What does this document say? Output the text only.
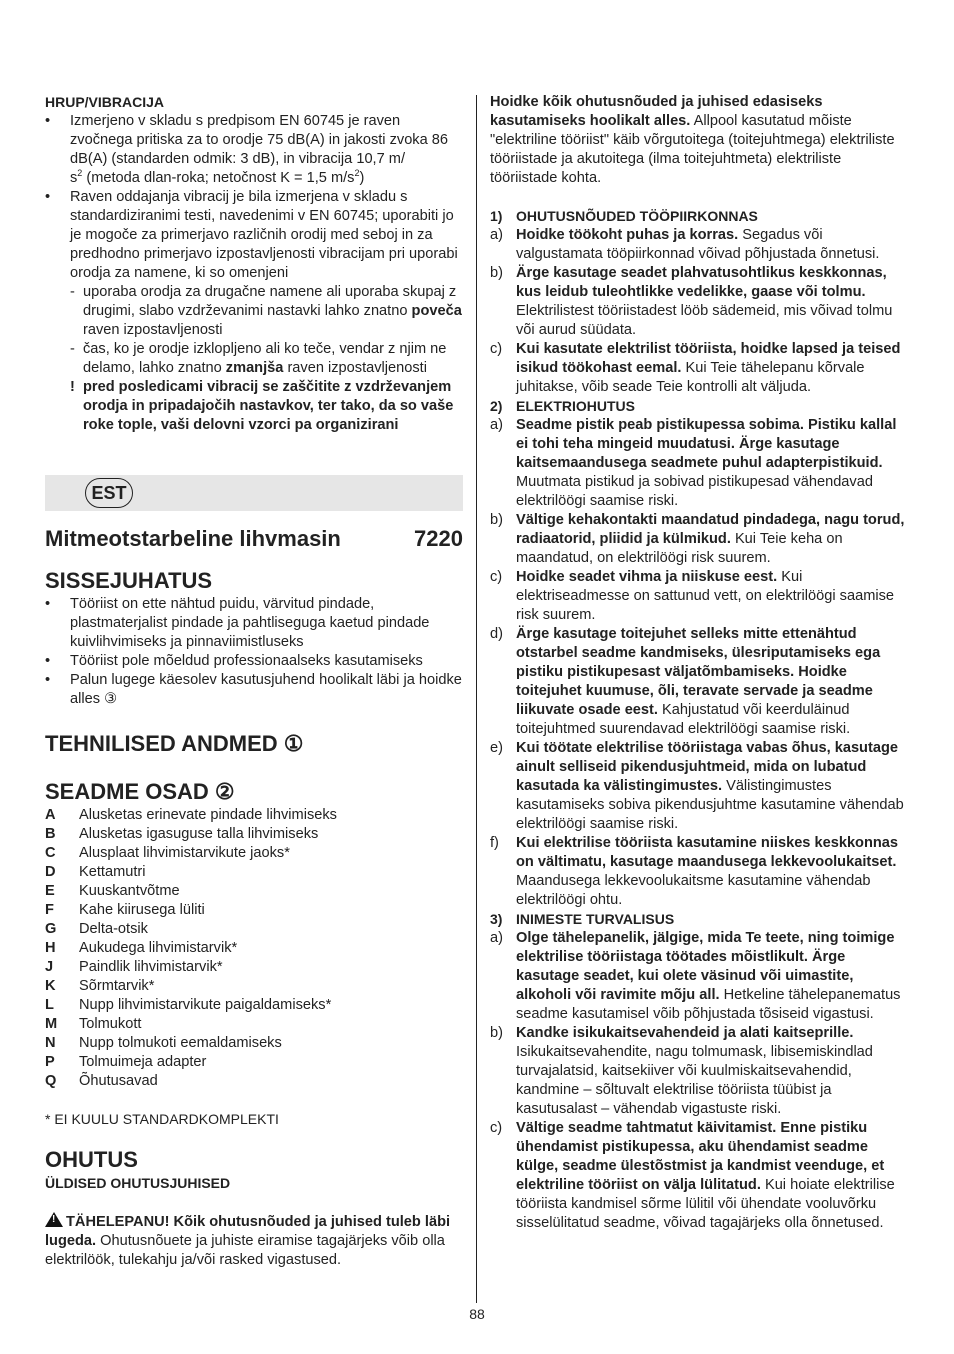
HRUP/VIBRACIJA

• Izmerjeno v skladu s predpisom EN 60745 je raven zvočnega pritiska za to orodje 75 dB(A) in jakosti zvoka 86 dB(A) (standarden odmik: 3 dB), in vibracija 10,7 m/
$s^2$ (metoda dlan-roka; netočnost K = 1,5 $m/s^2$)

• Raven oddajanja vibracij je bila izmerjena v skladu s standardiziranimi testi, navedenimi v EN 60745; uporabiti jo je mogoče za primerjavo različnih orodij med seboj in za predhodno primerjavo izpostavljenosti vibracijam pri uporabi orodja za namene, ki so omenjeni

- uporaba orodja za drugačne namene ali uporaba skupaj z drugimi, slabo vzdrževanimi nastavki lahko znatno poveča raven izpostavljenosti

- čas, ko je orodje izklopljeno ali ko teče, vendar z njim ne delamo, lahko znatno zmanjša raven izpostavljenosti

! pred posledicami vibracij se zaščitite z vzdrževanjem orodja in pripadajočih nastavkov, ter tako, da so vaše roke tople, vaši delovni vzorci pa organizirani

EST
Mitmeotstarbeline lihvmasin	7220

SISSEJUHATUS

• Tööriist on ette nähtud puidu, värvitud pindade, plastmaterjalist pindade ja pahtliseguga kaetud pindade kuivlihvimiseks ja pinnaviimistluseks

• Tööriist pole mõeldud professionaalseks kasutamiseks

• Palun lugege käesolev kasutusjuhend hoolikalt läbi ja hoidke alles ③

TEHNILISED ANDMED ①

SEADME OSAD ②

A	Alusketas erinevate pindade lihvimiseks
B	Alusketas igasuguse talla lihvimiseks
C	Alusplaat lihvimistarvikute jaoks*
D	Kettamutri
E	Kuuskantvõtme
F	Kahe kiirusega lüliti
G	Delta-otsik
H	Aukudega lihvimistarvik*
J	Paindlik lihvimistarvik*
K	Sõrmtarvik*
L	Nupp lihvimistarvikute paigaldamiseks*
M	Tolmukott
N	Nupp tolmukoti eemaldamiseks
P	Tolmuimeja adapter
Q	Õhutusavad

* EI KUULU STANDARDKOMPLEKTI

OHUTUS

ÜLDISED OHUTUSJUHISED

!TÄHELEPANU! Kõik ohutusnõuded ja juhised tuleb läbi lugeda. Ohutusnõuete ja juhiste eiramise tagajärjeks võib olla elektrilöök, tulekahju ja/või rasked vigastused.

Hoidke kõik ohutusnõuded ja juhised edasiseks kasutamiseks hoolikalt alles. Allpool kasutatud mõiste "elektriline tööriist" käib võrgutoitega (toitejuhtmega) elektriliste tööriistade ja akutoitega (ilma toitejuhtmeta) elektriliste tööriistade kohta.

1) OHUTUSNÕUDED TÖÖPIIRKONNAS

a) Hoidke töökoht puhas ja korras. Segadus või valgustamata tööpiirkonnad võivad põhjustada õnnetusi.

b) Ärge kasutage seadet plahvatusohtlikus keskkonnas, kus leidub tuleohtlikke vedelikke, gaase või tolmu. Elektrilistest tööriistadest lööb sädemeid, mis võivad tolmu või aurud süüdata.

c) Kui kasutate elektrilist tööriista, hoidke lapsed ja teised isikud töökohast eemal. Kui Teie tähelepanu kõrvale juhitakse, võib seade Teie kontrolli alt väljuda.

2) ELEKTRIOHUTUS

a) Seadme pistik peab pistikupessa sobima. Pistiku kallal ei tohi teha mingeid muudatusi. Ärge kasutage kaitsemaandusega seadmete puhul adapterpistikuid. Muutmata pistikud ja sobivad pistikupesad vähendavad elektrilöögi saamise riski.

b) Vältige kehakontakti maandatud pindadega, nagu torud, radiaatorid, pliidid ja külmikud. Kui Teie keha on maandatud, on elektrilöögi risk suurem.

c) Hoidke seadet vihma ja niiskuse eest. Kui elektriseadmesse on sattunud vett, on elektrilöögi saamise risk suurem.

d) Ärge kasutage toitejuhet selleks mitte ettenähtud otstarbel seadme kandmiseks, ülesriputamiseks ega pistiku pistikupesast väljatõmbamiseks. Hoidke toitejuhet kuumuse, õli, teravate servade ja seadme liikuvate osade eest. Kahjustatud või keerduläinud toitejuhtmed suurendavad elektrilöögi saamise riski.

e) Kui töötate elektrilise tööriistaga vabas õhus, kasutage ainult selliseid pikendusjuhtmeid, mida on lubatud kasutada ka välistingimustes. Välistingimustes kasutamiseks sobiva pikendusjuhtme kasutamine vähendab elektrilöögi saamise riski.

f) Kui elektrilise tööriista kasutamine niiskes keskkonnas on vältimatu, kasutage maandusega lekkevoolukaitset. Maandusega lekkevoolukaitsme kasutamine vähendab elektrilöögi ohtu.

3) INIMESTE TURVALISUS

a) Olge tähelepanelik, jälgige, mida Te teete, ning toimige elektrilise tööriistaga töötades mõistlikult. Ärge kasutage seadet, kui olete väsinud või uimastite, alkoholi või ravimite mõju all. Hetkeline tähelepanematus seadme kasutamisel võib põhjustada tõsiseid vigastusi.

b) Kandke isikukaitsevahendeid ja alati kaitseprille. Isikukaitsevahendite, nagu tolmumask, libisemiskindlad turvajalatsid, kaitsekiiver või kuulmiskaitsevahendid, kandmine – sõltuvalt elektrilise tööriista tüübist ja kasutusalast – vähendab vigastuste riski.

c) Vältige seadme tahtmatut käivitamist. Enne pistiku ühendamist pistikupessa, aku ühendamist seadme külge, seadme ülestõstmist ja kandmist veenduge, et elektriline tööriist on välja lülitatud. Kui hoiate elektrilise tööriista kandmisel sõrme lülitil või ühendate vooluvõrku sisselülitatud seadme, võivad tagajärjeks olla õnnetused.

88
